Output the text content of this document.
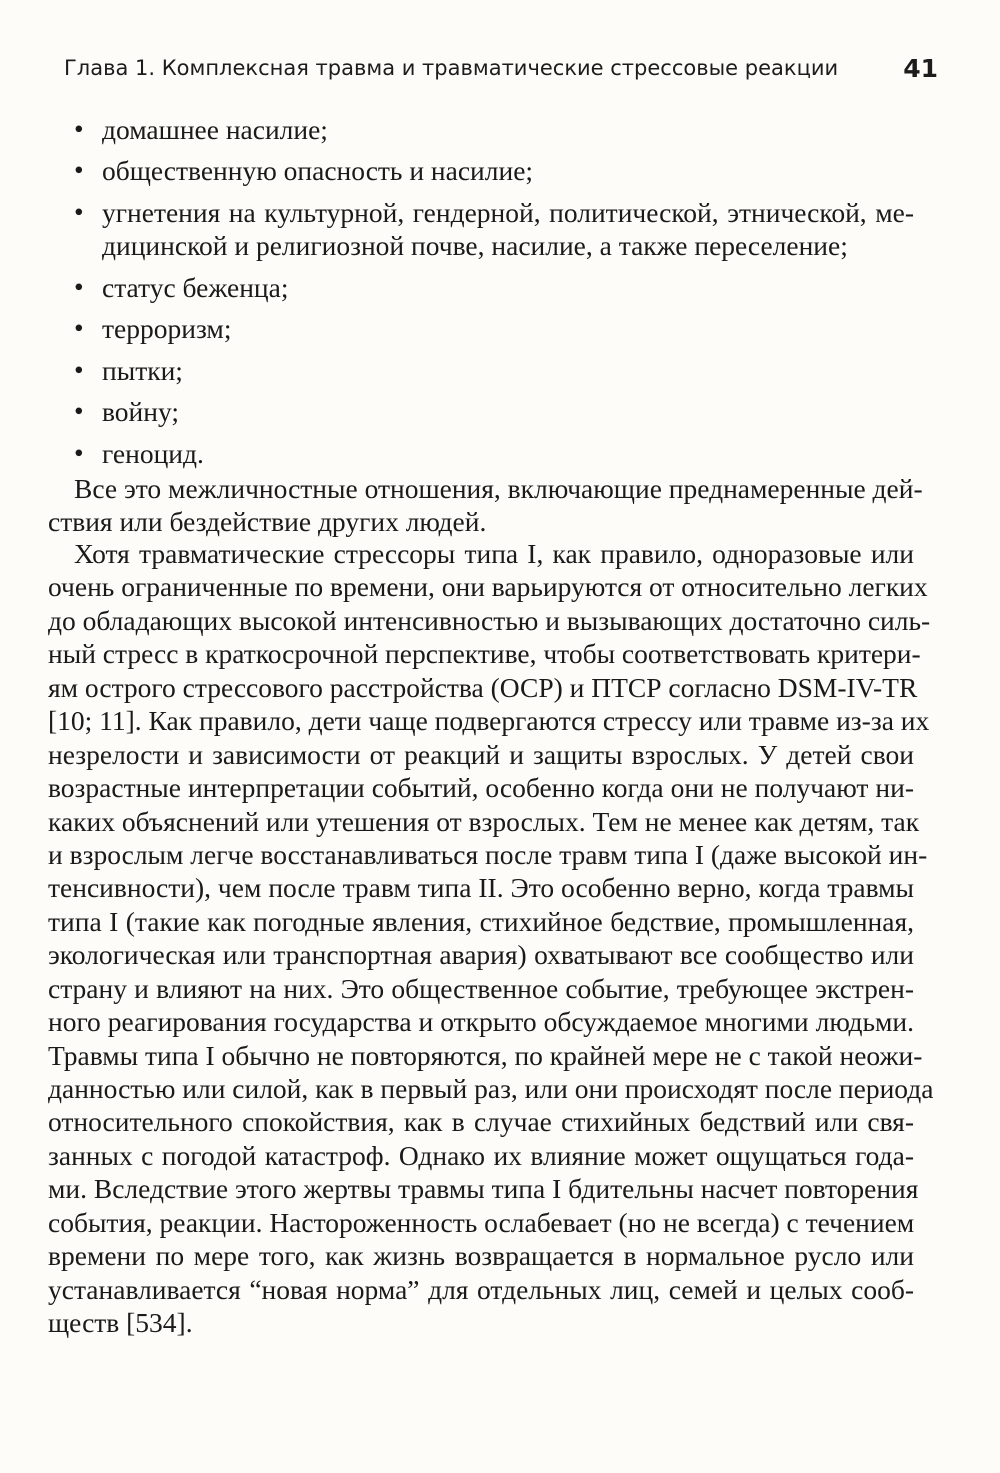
Глава 1. Комплексная травма и травматические стрессовые реакции	41
• домашнее насилие;
• общественную опасность и насилие;
• угнетения на культурной, гендерной, политической, этнической, ме-
дицинской и религиозной почве, насилие, а также переселение;
• статус беженца;
• терроризм;
• пытки;
• войну;
• геноцид.
Все это межличностные отношения, включающие преднамеренные дей-
ствия или бездействие других людей.
Хотя травматические стрессоры типа I, как правило, одноразовые или
очень ограниченные по времени, они варьируются от относительно легких
до обладающих высокой интенсивностью и вызывающих достаточно силь-
ный стресс в краткосрочной перспективе, чтобы соответствовать критери-
ям острого стрессового расстройства (ОСР) и ПТСР согласно DSM-IV-TR
[10; 11]. Как правило, дети чаще подвергаются стрессу или травме из-за их
незрелости и зависимости от реакций и защиты взрослых. У детей свои
возрастные интерпретации событий, особенно когда они не получают ни-
каких объяснений или утешения от взрослых. Тем не менее как детям, так
и взрослым легче восстанавливаться после травм типа I (даже высокой ин-
тенсивности), чем после травм типа II. Это особенно верно, когда травмы
типа I (такие как погодные явления, стихийное бедствие, промышленная,
экологическая или транспортная авария) охватывают все сообщество или
страну и влияют на них. Это общественное событие, требующее экстрен-
ного реагирования государства и открыто обсуждаемое многими людьми.
Травмы типа I обычно не повторяются, по крайней мере не с такой неожи-
данностью или силой, как в первый раз, или они происходят после периода
относительного спокойствия, как в случае стихийных бедствий или свя-
занных с погодой катастроф. Однако их влияние может ощущаться года-
ми. Вследствие этого жертвы травмы типа I бдительны насчет повторения
события, реакции. Настороженность ослабевает (но не всегда) с течением
времени по мере того, как жизнь возвращается в нормальное русло или
устанавливается “новая норма” для отдельных лиц, семей и целых сооб-
ществ [534].
